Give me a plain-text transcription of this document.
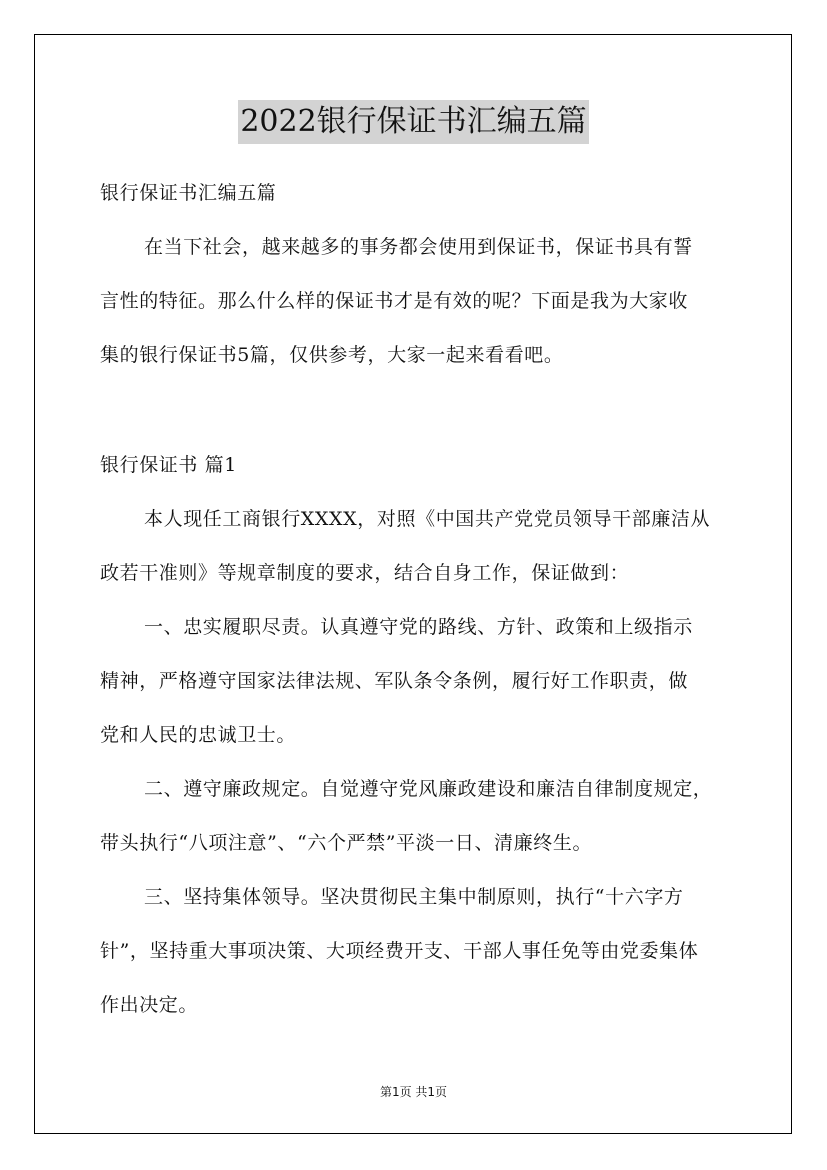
2022银行保证书汇编五篇
银行保证书汇编五篇
在当下社会，越来越多的事务都会使用到保证书，保证书具有誓
言性的特征。那么什么样的保证书才是有效的呢？下面是我为大家收
集的银行保证书5篇，仅供参考，大家一起来看看吧。
银行保证书 篇1
本人现任工商银行XXXX，对照《中国共产党党员领导干部廉洁从
政若干准则》等规章制度的要求，结合自身工作，保证做到：
一、忠实履职尽责。认真遵守党的路线、方针、政策和上级指示
精神，严格遵守国家法律法规、军队条令条例，履行好工作职责，做
党和人民的忠诚卫士。
二、遵守廉政规定。自觉遵守党风廉政建设和廉洁自律制度规定，
带头执行“八项注意”、“六个严禁”平淡一日、清廉终生。
三、坚持集体领导。坚决贯彻民主集中制原则，执行“十六字方
针”，坚持重大事项决策、大项经费开支、干部人事任免等由党委集体
作出决定。
第1页 共1页
